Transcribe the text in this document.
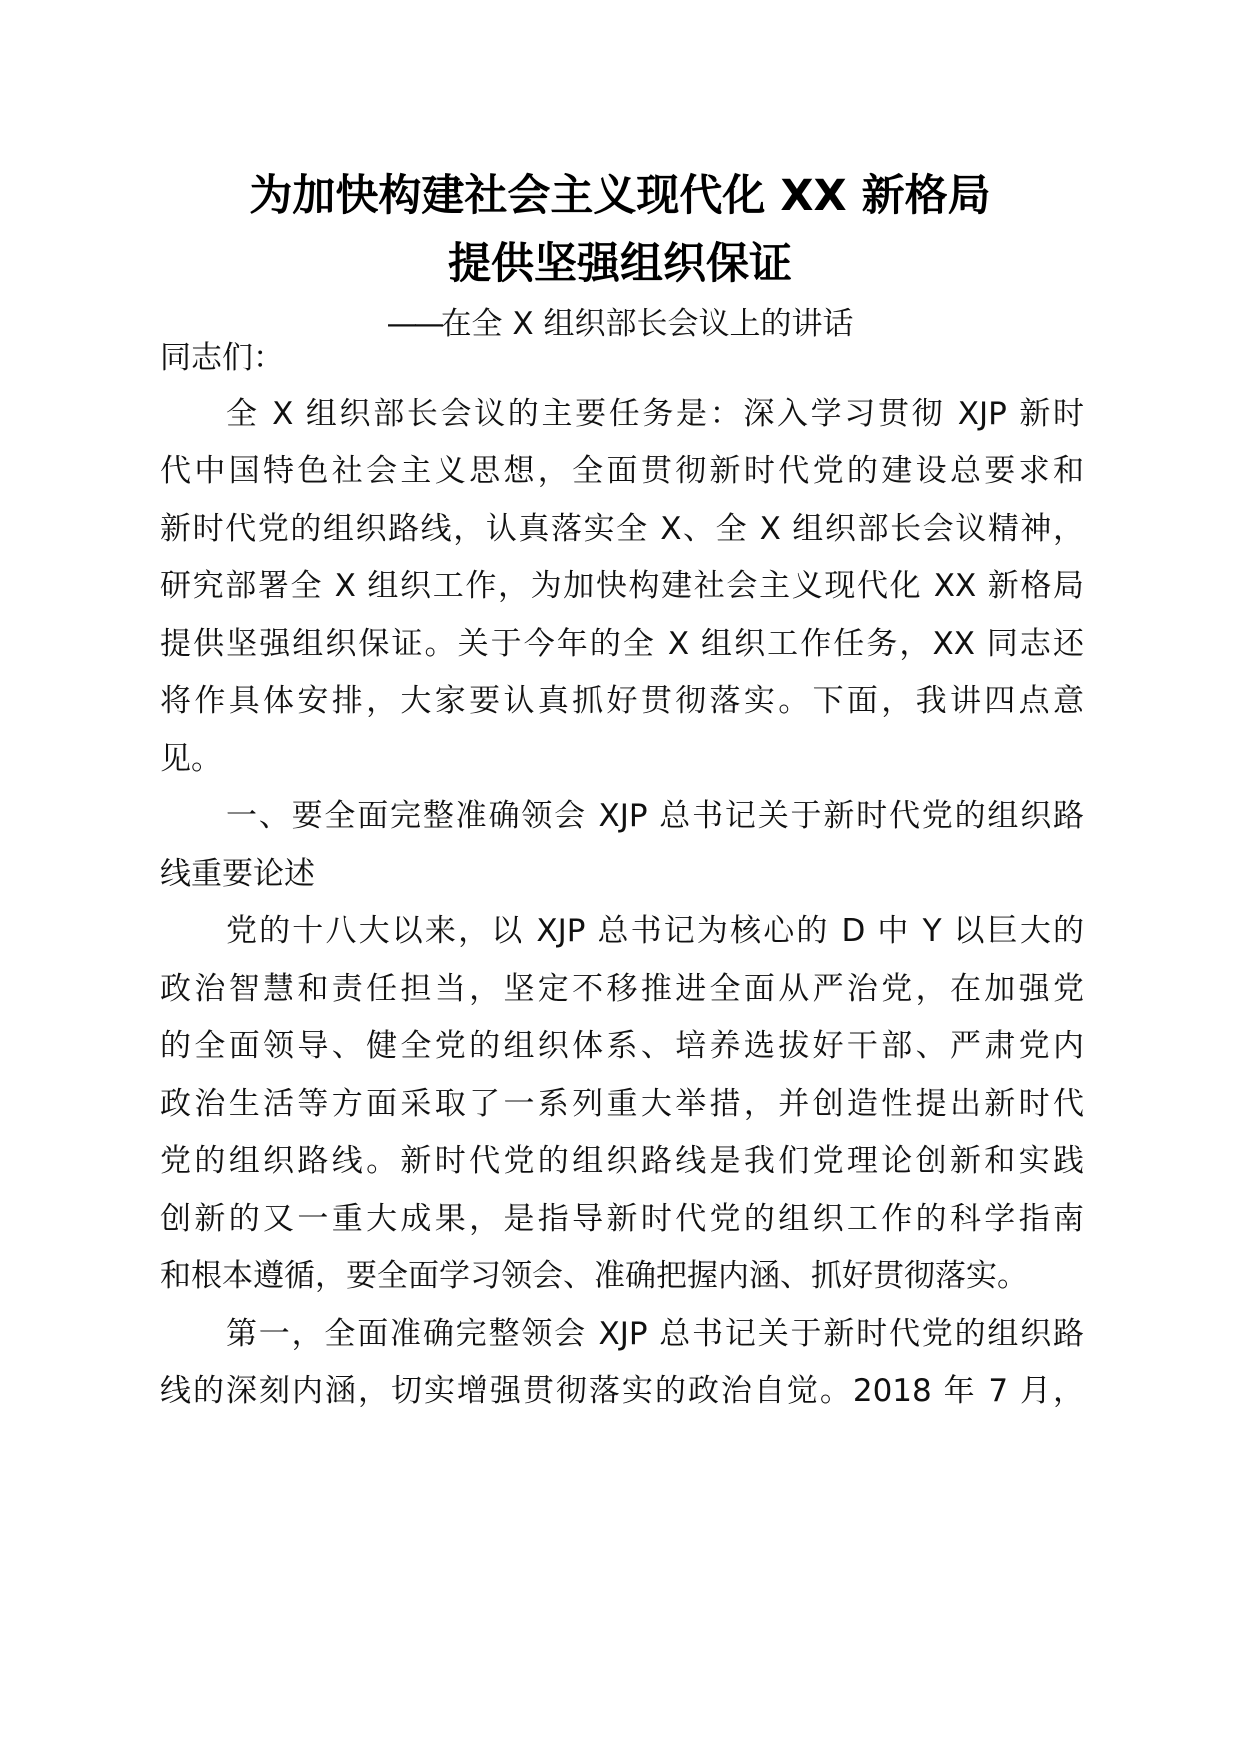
为加快构建社会主义现代化 XX 新格局
提供坚强组织保证
——在全 X 组织部长会议上的讲话
同志们：
全 X 组织部长会议的主要任务是：深入学习贯彻 XJP 新时
代中国特色社会主义思想，全面贯彻新时代党的建设总要求和
新时代党的组织路线，认真落实全 X、全 X 组织部长会议精神，
研究部署全 X 组织工作，为加快构建社会主义现代化 XX 新格局
提供坚强组织保证。关于今年的全 X 组织工作任务，XX 同志还
将作具体安排，大家要认真抓好贯彻落实。下面，我讲四点意
见。
一、要全面完整准确领会 XJP 总书记关于新时代党的组织路
线重要论述
党的十八大以来，以 XJP 总书记为核心的 D 中 Y 以巨大的
政治智慧和责任担当，坚定不移推进全面从严治党，在加强党
的全面领导、健全党的组织体系、培养选拔好干部、严肃党内
政治生活等方面采取了一系列重大举措，并创造性提出新时代
党的组织路线。新时代党的组织路线是我们党理论创新和实践
创新的又一重大成果，是指导新时代党的组织工作的科学指南
和根本遵循，要全面学习领会、准确把握内涵、抓好贯彻落实。
第一，全面准确完整领会 XJP 总书记关于新时代党的组织路
线的深刻内涵，切实增强贯彻落实的政治自觉。2018 年 7 月，
